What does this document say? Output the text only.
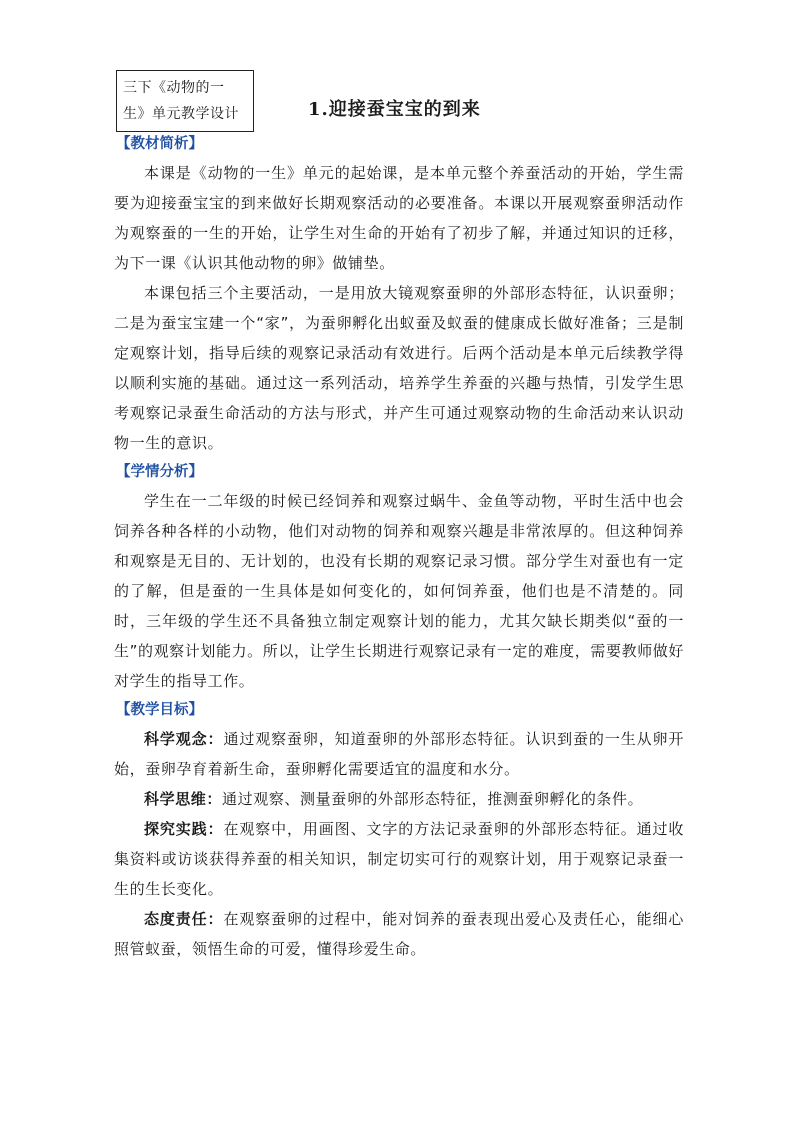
三下《动物的一
生》单元教学设计	1.迎接蚕宝宝的到来
【教材简析】

本课是《动物的一生》单元的起始课，是本单元整个养蚕活动的开始，学生需要为迎接蚕宝宝的到来做好长期观察活动的必要准备。本课以开展观察蚕卵活动作为观察蚕的一生的开始，让学生对生命的开始有了初步了解，并通过知识的迁移，为下一课《认识其他动物的卵》做铺垫。

本课包括三个主要活动，一是用放大镜观察蚕卵的外部形态特征，认识蚕卵；二是为蚕宝宝建一个“家”，为蚕卵孵化出蚁蚕及蚁蚕的健康成长做好准备；三是制定观察计划，指导后续的观察记录活动有效进行。后两个活动是本单元后续教学得以顺利实施的基础。通过这一系列活动，培养学生养蚕的兴趣与热情，引发学生思考观察记录蚕生命活动的方法与形式，并产生可通过观察动物的生命活动来认识动物一生的意识。

【学情分析】

学生在一二年级的时候已经饲养和观察过蜗牛、金鱼等动物，平时生活中也会饲养各种各样的小动物，他们对动物的饲养和观察兴趣是非常浓厚的。但这种饲养和观察是无目的、无计划的，也没有长期的观察记录习惯。部分学生对蚕也有一定的了解，但是蚕的一生具体是如何变化的，如何饲养蚕，他们也是不清楚的。同时，三年级的学生还不具备独立制定观察计划的能力，尤其欠缺长期类似“蚕的一生”的观察计划能力。所以，让学生长期进行观察记录有一定的难度，需要教师做好对学生的指导工作。

【教学目标】

科学观念：通过观察蚕卵，知道蚕卵的外部形态特征。认识到蚕的一生从卵开始，蚕卵孕育着新生命，蚕卵孵化需要适宜的温度和水分。

科学思维：通过观察、测量蚕卵的外部形态特征，推测蚕卵孵化的条件。

探究实践：在观察中，用画图、文字的方法记录蚕卵的外部形态特征。通过收集资料或访谈获得养蚕的相关知识，制定切实可行的观察计划，用于观察记录蚕一生的生长变化。

态度责任：在观察蚕卵的过程中，能对饲养的蚕表现出爱心及责任心，能细心照管蚁蚕，领悟生命的可爱，懂得珍爱生命。
